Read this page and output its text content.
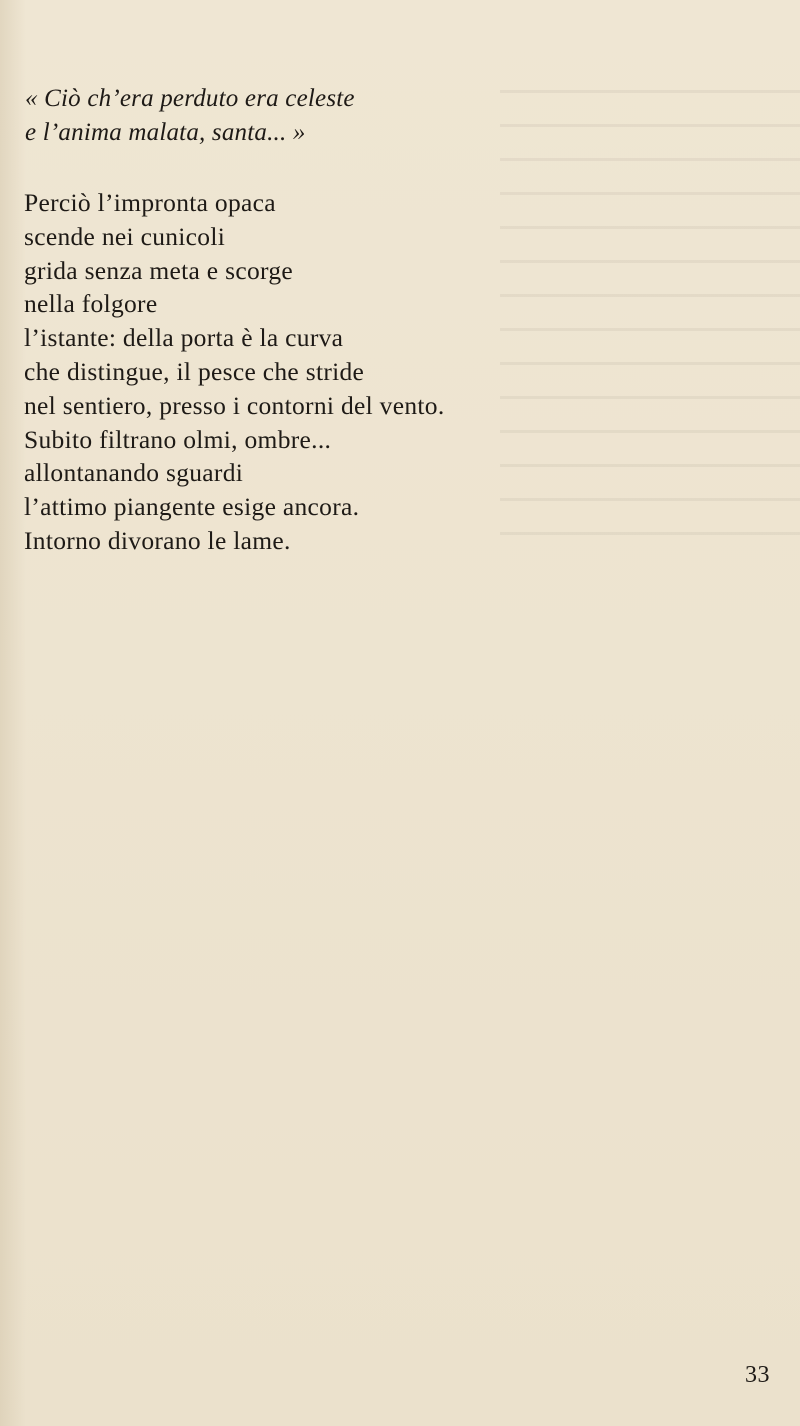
« Ciò ch’era perduto era celeste
e l’anima malata, santa... »
Perciò l’impronta opaca
scende nei cunicoli
grida senza meta e scorge
nella folgore
l’istante: della porta è la curva
che distingue, il pesce che stride
nel sentiero, presso i contorni del vento.
Subito filtrano olmi, ombre...
allontanando sguardi
l’attimo piangente esige ancora.
Intorno divorano le lame.
33
